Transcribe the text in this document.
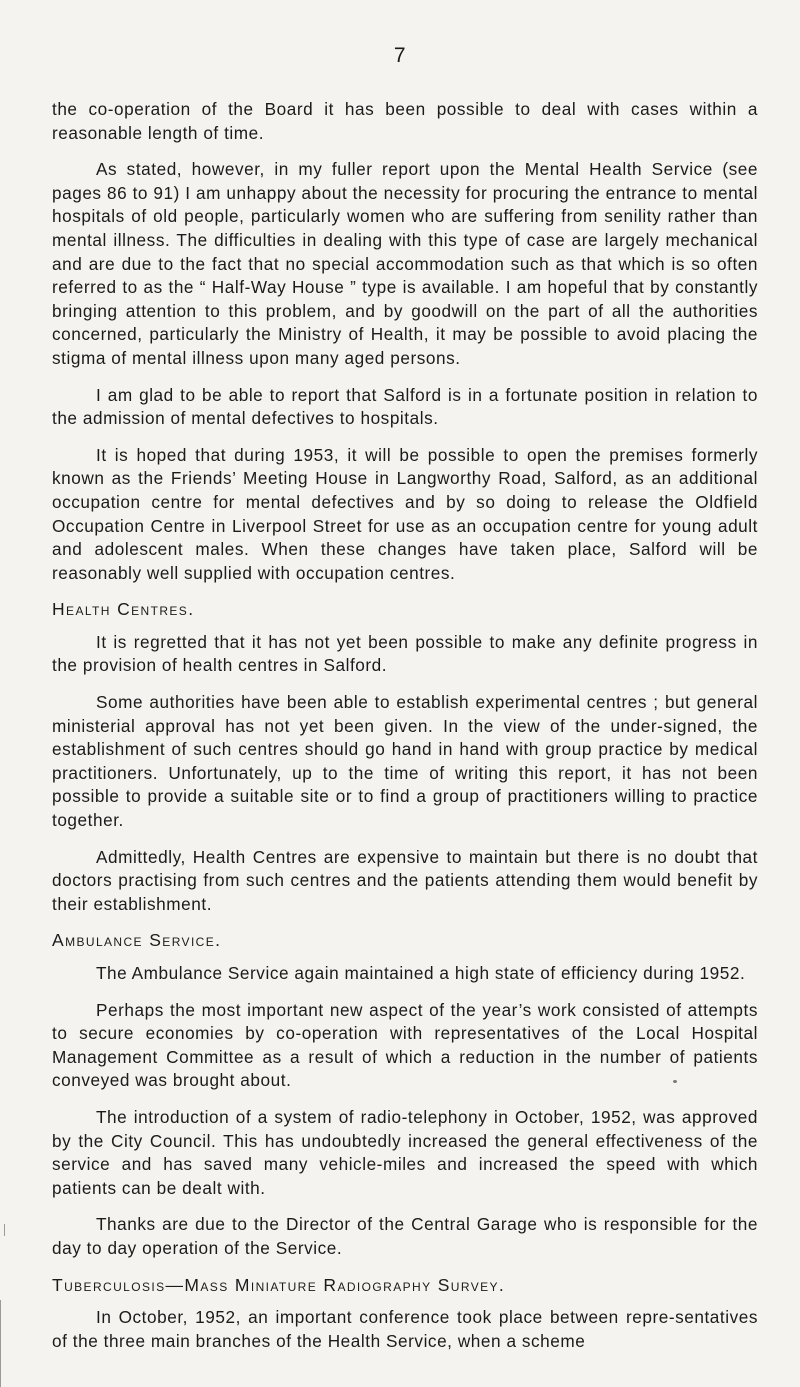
7

the co-operation of the Board it has been possible to deal with cases within a reasonable length of time.

As stated, however, in my fuller report upon the Mental Health Service (see pages 86 to 91) I am unhappy about the necessity for procuring the entrance to mental hospitals of old people, particularly women who are suffering from senility rather than mental illness. The difficulties in dealing with this type of case are largely mechanical and are due to the fact that no special accommodation such as that which is so often referred to as the “ Half-Way House ” type is available. I am hopeful that by constantly bringing attention to this problem, and by goodwill on the part of all the authorities concerned, particularly the Ministry of Health, it may be possible to avoid placing the stigma of mental illness upon many aged persons.

I am glad to be able to report that Salford is in a fortunate position in relation to the admission of mental defectives to hospitals.

It is hoped that during 1953, it will be possible to open the premises formerly known as the Friends’ Meeting House in Langworthy Road, Salford, as an additional occupation centre for mental defectives and by so doing to release the Oldfield Occupation Centre in Liverpool Street for use as an occupation centre for young adult and adolescent males. When these changes have taken place, Salford will be reasonably well supplied with occupation centres.

Health Centres.

It is regretted that it has not yet been possible to make any definite progress in the provision of health centres in Salford.

Some authorities have been able to establish experimental centres ; but general ministerial approval has not yet been given. In the view of the under-signed, the establishment of such centres should go hand in hand with group practice by medical practitioners. Unfortunately, up to the time of writing this report, it has not been possible to provide a suitable site or to find a group of practitioners willing to practice together.

Admittedly, Health Centres are expensive to maintain but there is no doubt that doctors practising from such centres and the patients attending them would benefit by their establishment.

Ambulance Service.

The Ambulance Service again maintained a high state of efficiency during 1952.

Perhaps the most important new aspect of the year’s work consisted of attempts to secure economies by co-operation with representatives of the Local Hospital Management Committee as a result of which a reduction in the number of patients conveyed was brought about.

The introduction of a system of radio-telephony in October, 1952, was approved by the City Council. This has undoubtedly increased the general effectiveness of the service and has saved many vehicle-miles and increased the speed with which patients can be dealt with.

Thanks are due to the Director of the Central Garage who is responsible for the day to day operation of the Service.

Tuberculosis—Mass Miniature Radiography Survey.

In October, 1952, an important conference took place between repre-sentatives of the three main branches of the Health Service, when a scheme
